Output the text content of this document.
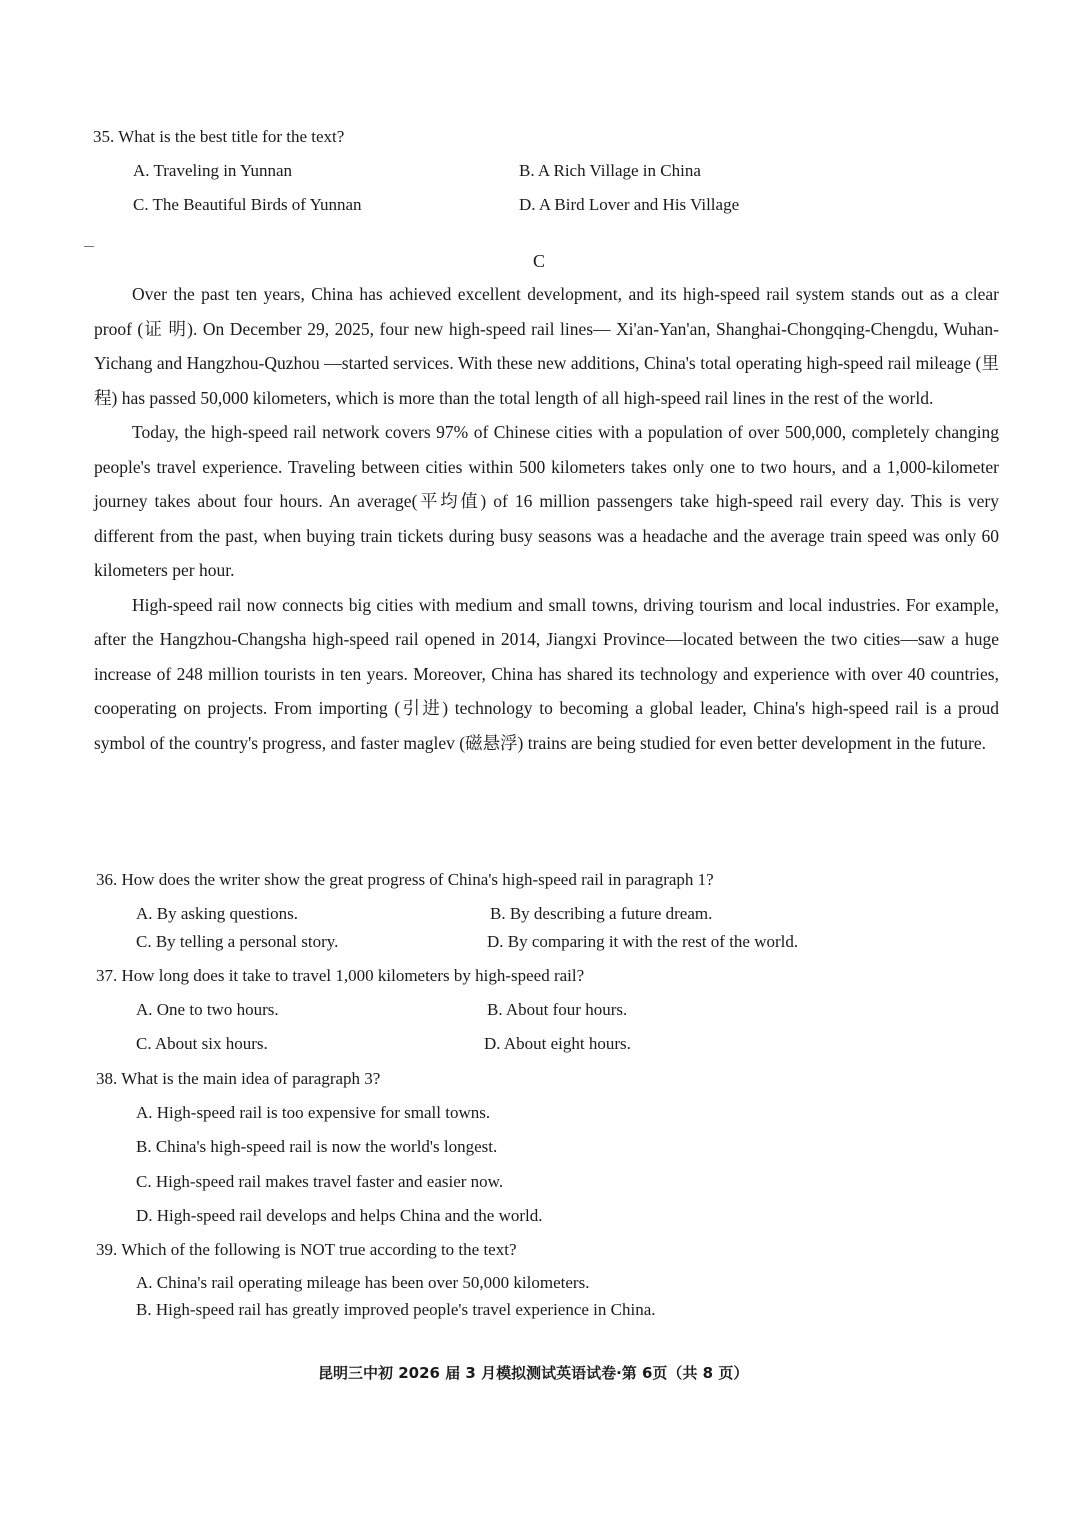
35. What is the best title for the text?
A. Traveling in Yunnan	B. A Rich Village in China
C. The Beautiful Birds of Yunnan	D. A Bird Lover and His Village
C

Over the past ten years, China has achieved excellent development, and its high-speed rail system stands out as a clear proof (证 明). On December 29, 2025, four new high-speed rail lines— Xi'an-Yan'an, Shanghai-Chongqing-Chengdu, Wuhan-Yichang and Hangzhou-Quzhou —started services. With these new additions, China's total operating high-speed rail mileage (里程) has passed 50,000 kilometers, which is more than the total length of all high-speed rail lines in the rest of the world.

Today, the high-speed rail network covers 97% of Chinese cities with a population of over 500,000, completely changing people's travel experience. Traveling between cities within 500 kilometers takes only one to two hours, and a 1,000-kilometer journey takes about four hours. An average(平均值) of 16 million passengers take high-speed rail every day. This is very different from the past, when buying train tickets during busy seasons was a headache and the average train speed was only 60 kilometers per hour.

High-speed rail now connects big cities with medium and small towns, driving tourism and local industries. For example, after the Hangzhou-Changsha high-speed rail opened in 2014, Jiangxi Province—located between the two cities—saw a huge increase of 248 million tourists in ten years. Moreover, China has shared its technology and experience with over 40 countries, cooperating on projects. From importing (引进) technology to becoming a global leader, China's high-speed rail is a proud symbol of the country's progress, and faster maglev (磁悬浮) trains are being studied for even better development in the future.

36. How does the writer show the great progress of China's high-speed rail in paragraph 1?
A. By asking questions.	B. By describing a future dream.
C. By telling a personal story.	D. By comparing it with the rest of the world.
37. How long does it take to travel 1,000 kilometers by high-speed rail?
A. One to two hours.	B. About four hours.
C. About six hours.	D. About eight hours.
38. What is the main idea of paragraph 3?
A. High-speed rail is too expensive for small towns.
B. China's high-speed rail is now the world's longest.
C. High-speed rail makes travel faster and easier now.
D. High-speed rail develops and helps China and the world.
39. Which of the following is NOT true according to the text?
A. China's rail operating mileage has been over 50,000 kilometers.
B. High-speed rail has greatly improved people's travel experience in China.
昆明三中初 2026 届 3 月模拟测试英语试卷·第 6页（共 8 页）
